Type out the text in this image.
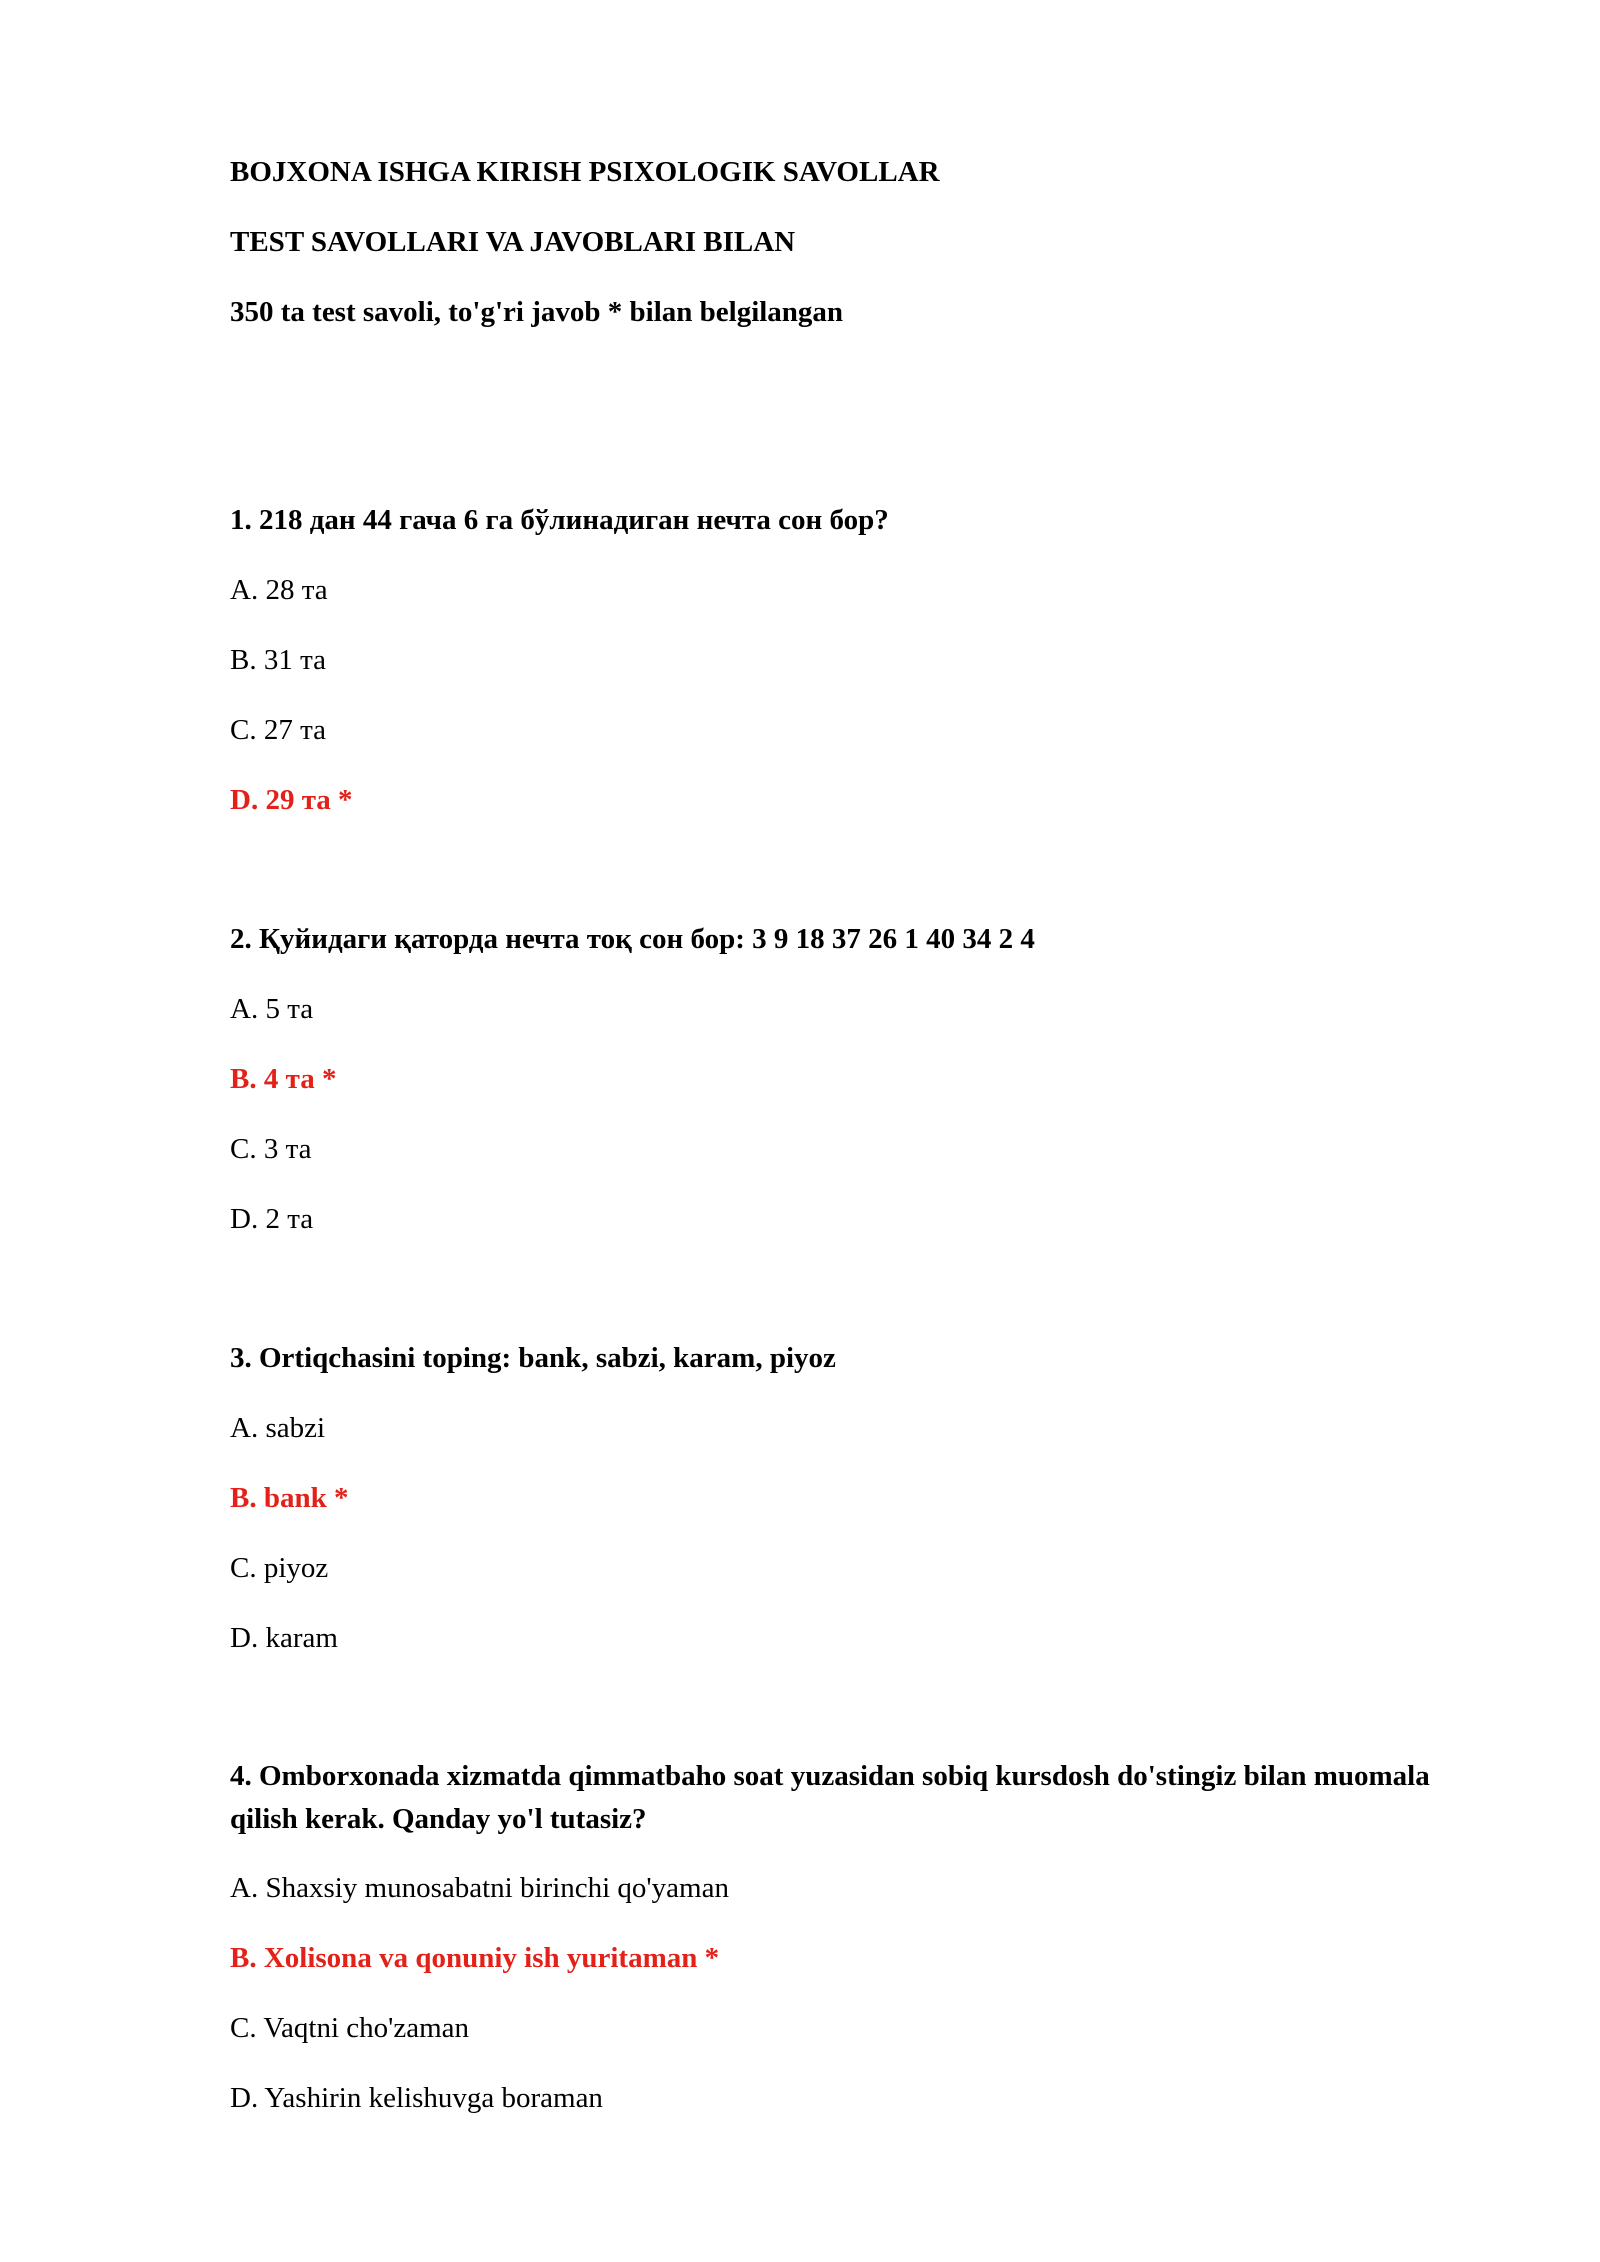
BOJXONA ISHGA KIRISH PSIXOLOGIK SAVOLLAR
TEST SAVOLLARI VA JAVOBLARI BILAN
350 ta test savoli, to'g'ri javob * bilan belgilangan
1. 218 дан 44 гача 6 га бўлинадиган нечта сон бор?
A. 28 та
B. 31 та
C. 27 та
D. 29 та *
2. Қуйидаги қаторда нечта тоқ сон бор: 3 9 18 37 26 1 40 34 2 4
A. 5 та
B. 4 та *
C. 3 та
D. 2 та
3. Ortiqchasini toping: bank, sabzi, karam, piyoz
A. sabzi
B. bank *
C. piyoz
D. karam
4. Omborxonada xizmatda qimmatbaho soat yuzasidan sobiq kursdosh do'stingiz bilan muomala qilish kerak. Qanday yo'l tutasiz?
A. Shaxsiy munosabatni birinchi qo'yaman
B. Xolisona va qonuniy ish yuritaman *
C. Vaqtni cho'zaman
D. Yashirin kelishuvga boraman
